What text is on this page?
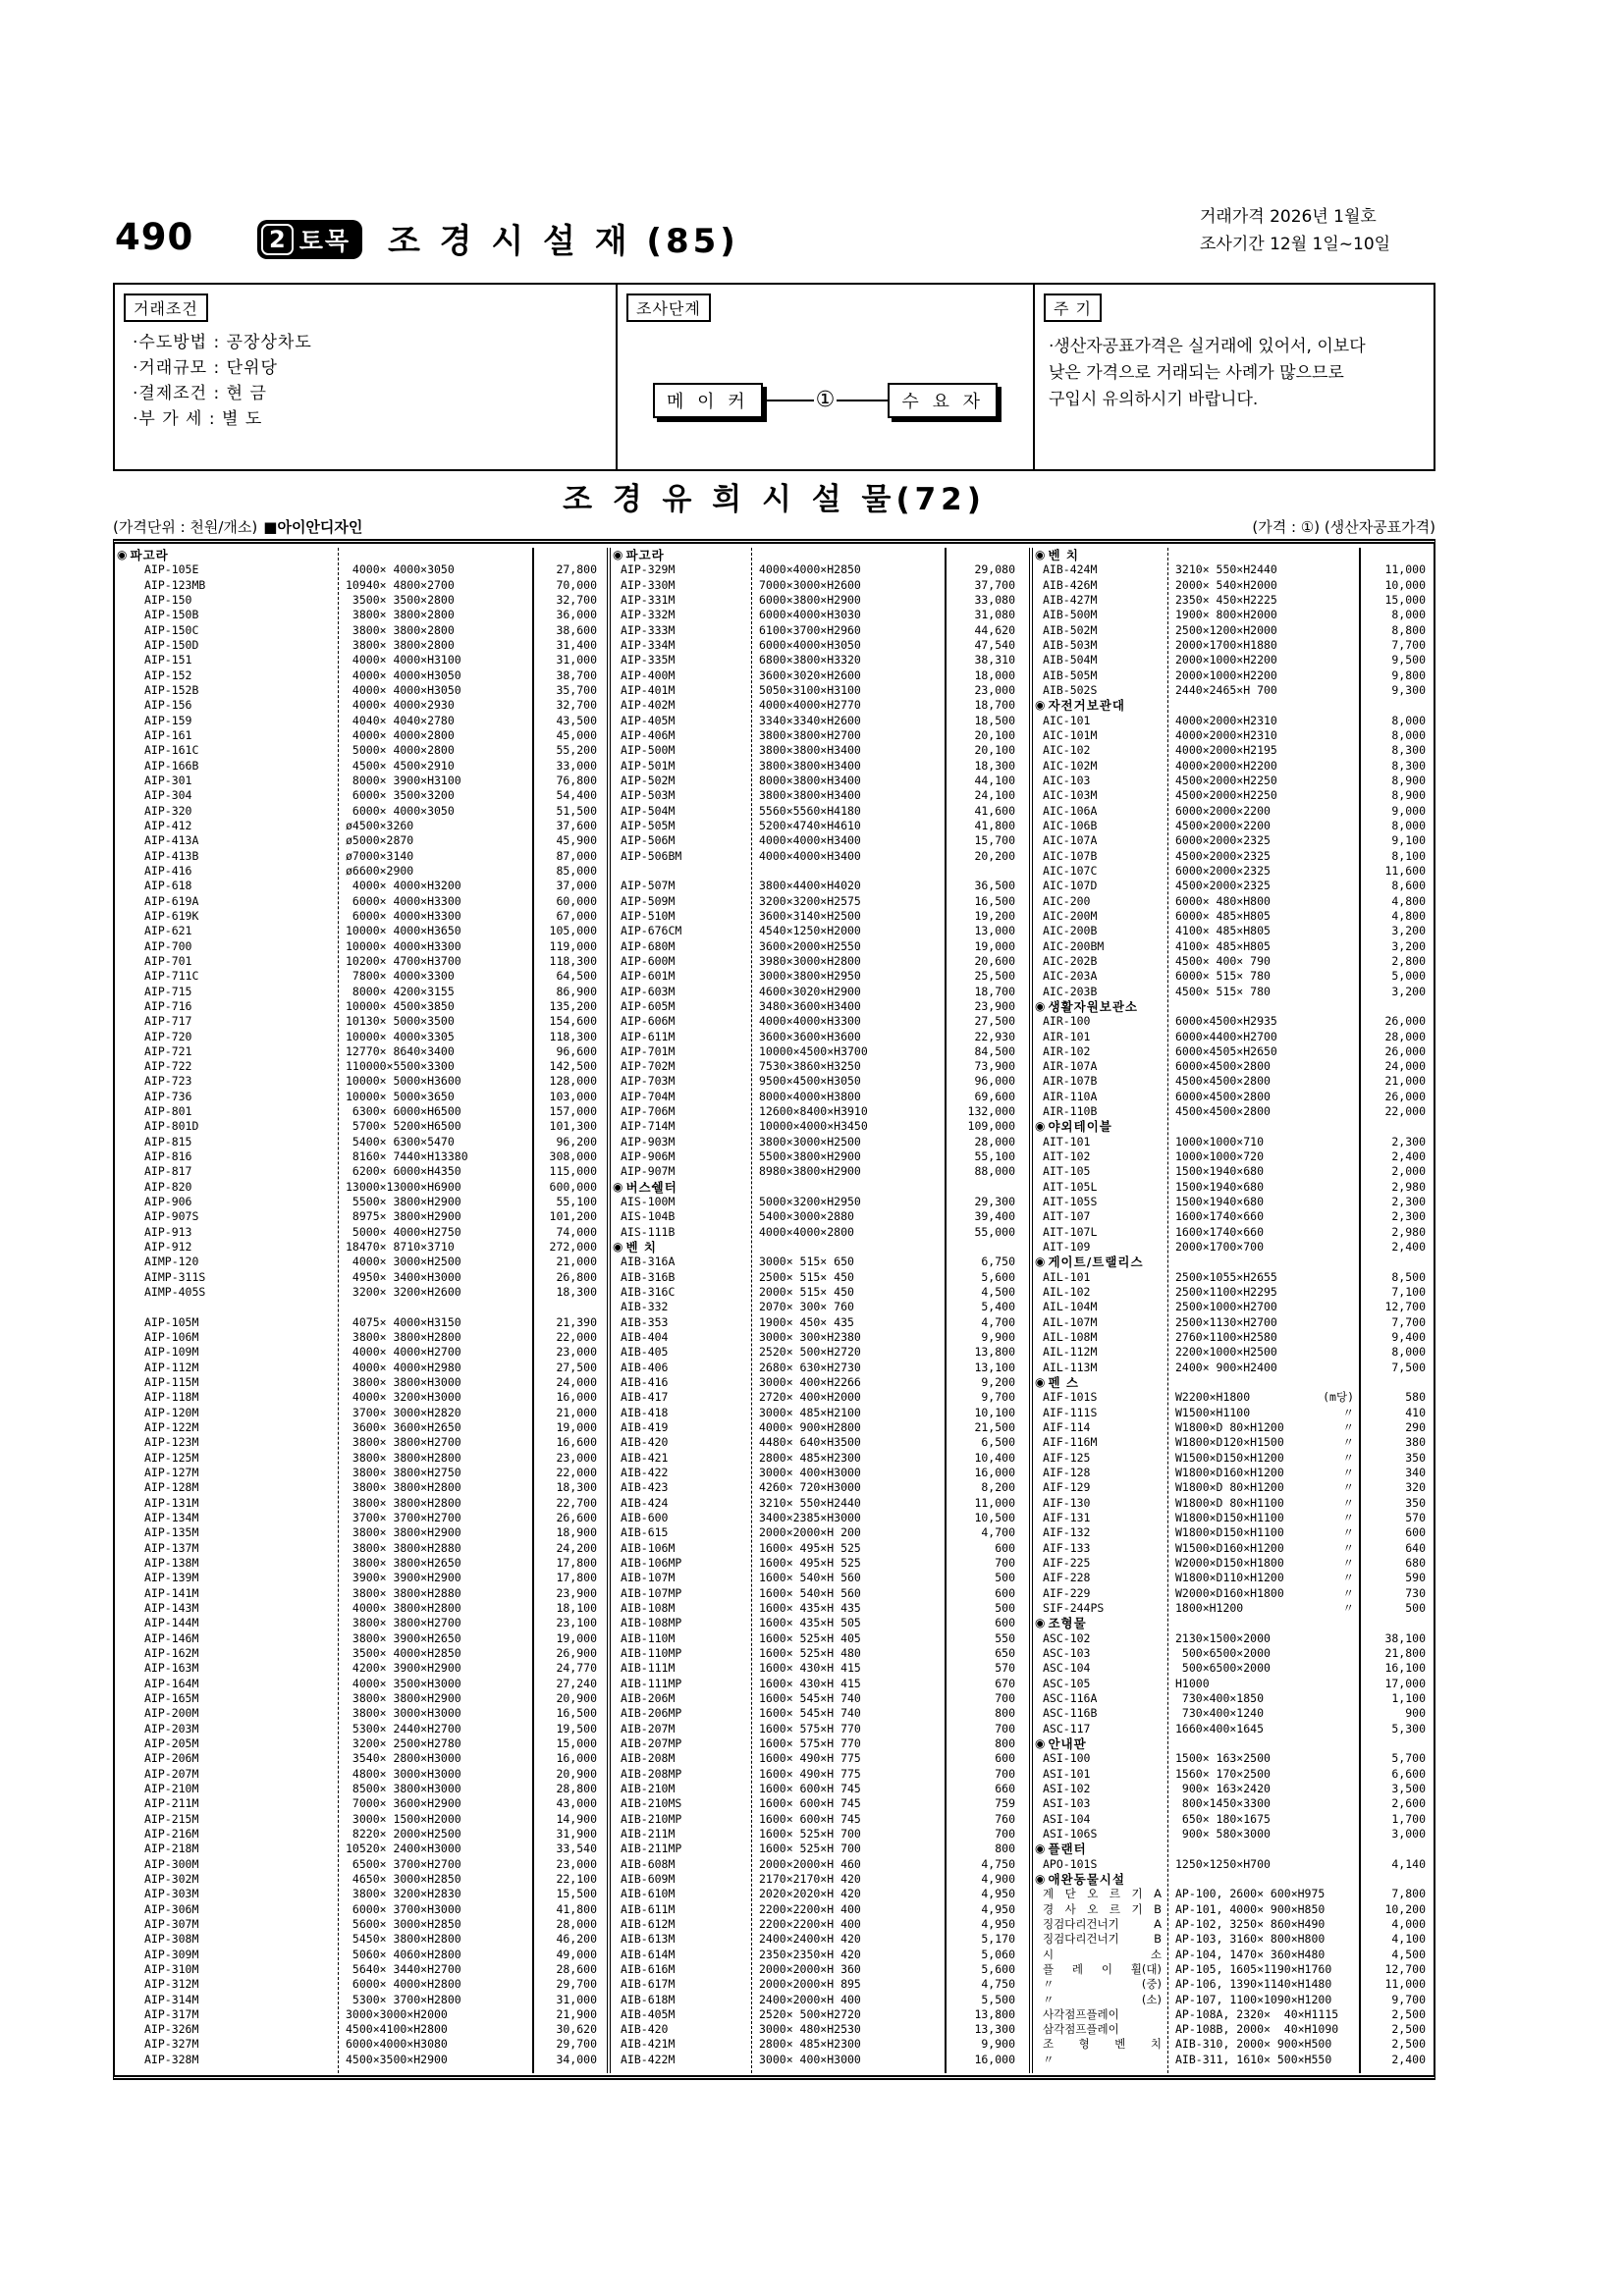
490	2 토목 조 경 시 설 재 (85)
거래가격 2026년 1월호
조사기간 12월 1일~10일
거래조건
·수도방법 : 공장상차도
·거래규모 : 단위당
·결제조건 : 현 금
·부 가 세 : 별 도
조사단계
메 이 커	①	수 요 자
주 기
·생산자공표가격은 실거래에 있어서, 이보다
낮은 가격으로 거래되는 사례가 많으므로
구입시 유의하시기 바랍니다.
조 경 유 희 시 설 물(72)
(가격단위 : 천원/개소) ■아이안디자인	(가격 : ①) (생산자공표가격)
◉ 파고라
AIP-105E	4000× 4000×3050	27,800
AIP-123MB	10940× 4800×2700	70,000
AIP-150	3500× 3500×2800	32,700
AIP-150B	3800× 3800×2800	36,000
AIP-150C	3800× 3800×2800	38,600
AIP-150D	3800× 3800×2800	31,400
AIP-151	4000× 4000×H3100	31,000
AIP-152	4000× 4000×H3050	38,700
AIP-152B	4000× 4000×H3050	35,700
AIP-156	4000× 4000×2930	32,700
AIP-159	4040× 4040×2780	43,500
AIP-161	4000× 4000×2800	45,000
AIP-161C	5000× 4000×2800	55,200
AIP-166B	4500× 4500×2910	33,000
AIP-301	8000× 3900×H3100	76,800
AIP-304	6000× 3500×3200	54,400
AIP-320	6000× 4000×3050	51,500
AIP-412	ø4500×3260	37,600
AIP-413A	ø5000×2870	45,900
AIP-413B	ø7000×3140	87,000
AIP-416	ø6600×2900	85,000
AIP-618	4000× 4000×H3200	37,000
AIP-619A	6000× 4000×H3300	60,000
AIP-619K	6000× 4000×H3300	67,000
AIP-621	10000× 4000×H3650	105,000
AIP-700	10000× 4000×H3300	119,000
AIP-701	10200× 4700×H3700	118,300
AIP-711C	7800× 4000×3300	64,500
AIP-715	8000× 4200×3155	86,900
AIP-716	10000× 4500×3850	135,200
AIP-717	10130× 5000×3500	154,600
AIP-720	10000× 4000×3305	118,300
AIP-721	12770× 8640×3400	96,600
AIP-722	110000×5500×3300	142,500
AIP-723	10000× 5000×H3600	128,000
AIP-736	10000× 5000×3650	103,000
AIP-801	6300× 6000×H6500	157,000
AIP-801D	5700× 5200×H6500	101,300
AIP-815	5400× 6300×5470	96,200
AIP-816	8160× 7440×H13380	308,000
AIP-817	6200× 6000×H4350	115,000
AIP-820	13000×13000×H6900	600,000
AIP-906	5500× 3800×H2900	55,100
AIP-907S	8975× 3800×H2900	101,200
AIP-913	5000× 4000×H2750	74,000
AIP-912	18470× 8710×3710	272,000
AIMP-120	4000× 3000×H2500	21,000
AIMP-311S	4950× 3400×H3000	26,800
AIMP-405S	3200× 3200×H2600	18,300
AIP-105M	4075× 4000×H3150	21,390
AIP-106M	3800× 3800×H2800	22,000
AIP-109M	4000× 4000×H2700	23,000
AIP-112M	4000× 4000×H2980	27,500
AIP-115M	3800× 3800×H3000	24,000
AIP-118M	4000× 3200×H3000	16,000
AIP-120M	3700× 3000×H2820	21,000
AIP-122M	3600× 3600×H2650	19,000
AIP-123M	3800× 3800×H2700	16,600
AIP-125M	3800× 3800×H2800	23,000
AIP-127M	3800× 3800×H2750	22,000
AIP-128M	3800× 3800×H2800	18,300
AIP-131M	3800× 3800×H2800	22,700
AIP-134M	3700× 3700×H2700	26,600
AIP-135M	3800× 3800×H2900	18,900
AIP-137M	3800× 3800×H2880	24,200
AIP-138M	3800× 3800×H2650	17,800
AIP-139M	3900× 3900×H2900	17,800
AIP-141M	3800× 3800×H2880	23,900
AIP-143M	4000× 3800×H2800	18,100
AIP-144M	3800× 3800×H2700	23,100
AIP-146M	3800× 3900×H2650	19,000
AIP-162M	3500× 4000×H2850	26,900
AIP-163M	4200× 3900×H2900	24,770
AIP-164M	4000× 3500×H3000	27,240
AIP-165M	3800× 3800×H2900	20,900
AIP-200M	3800× 3000×H3000	16,500
AIP-203M	5300× 2440×H2700	19,500
AIP-205M	3200× 2500×H2780	15,000
AIP-206M	3540× 2800×H3000	16,000
AIP-207M	4800× 3000×H3000	20,900
AIP-210M	8500× 3800×H3000	28,800
AIP-211M	7000× 3600×H2900	43,000
AIP-215M	3000× 1500×H2000	14,900
AIP-216M	8220× 2000×H2500	31,900
AIP-218M	10520× 2400×H3000	33,540
AIP-300M	6500× 3700×H2700	23,000
AIP-302M	4650× 3000×H2850	22,100
AIP-303M	3800× 3200×H2830	15,500
AIP-306M	6000× 3700×H3000	41,800
AIP-307M	5600× 3000×H2850	28,000
AIP-308M	5450× 3800×H2800	46,200
AIP-309M	5060× 4060×H2800	49,000
AIP-310M	5640× 3440×H2700	28,600
AIP-312M	6000× 4000×H2800	29,700
AIP-314M	5300× 3700×H2800	31,000
AIP-317M	3000×3000×H2000	21,900
AIP-326M	4500×4100×H2800	30,620
AIP-327M	6000×4000×H3080	29,700
AIP-328M	4500×3500×H2900	34,000
◉ 파고라
AIP-329M	4000×4000×H2850	29,080
AIP-330M	7000×3000×H2600	37,700
AIP-331M	6000×3800×H2900	33,080
AIP-332M	6000×4000×H3030	31,080
AIP-333M	6100×3700×H2960	44,620
AIP-334M	6000×4000×H3050	47,540
AIP-335M	6800×3800×H3320	38,310
AIP-400M	3600×3020×H2600	18,000
AIP-401M	5050×3100×H3100	23,000
AIP-402M	4000×4000×H2770	18,700
AIP-405M	3340×3340×H2600	18,500
AIP-406M	3800×3800×H2700	20,100
AIP-500M	3800×3800×H3400	20,100
AIP-501M	3800×3800×H3400	18,300
AIP-502M	8000×3800×H3400	44,100
AIP-503M	3800×3800×H3400	24,100
AIP-504M	5560×5560×H4180	41,600
AIP-505M	5200×4740×H4610	41,800
AIP-506M	4000×4000×H3400	15,700
AIP-506BM	4000×4000×H3400	20,200
AIP-507M	3800×4400×H4020	36,500
AIP-509M	3200×3200×H2575	16,500
AIP-510M	3600×3140×H2500	19,200
AIP-676CM	4540×1250×H2000	13,000
AIP-680M	3600×2000×H2550	19,000
AIP-600M	3980×3000×H2800	20,600
AIP-601M	3000×3800×H2950	25,500
AIP-603M	4600×3020×H2900	18,700
AIP-605M	3480×3600×H3400	23,900
AIP-606M	4000×4000×H3300	27,500
AIP-611M	3600×3600×H3600	22,930
AIP-701M	10000×4500×H3700	84,500
AIP-702M	7530×3860×H3250	73,900
AIP-703M	9500×4500×H3050	96,000
AIP-704M	8000×4000×H3800	69,600
AIP-706M	12600×8400×H3910	132,000
AIP-714M	10000×4000×H3450	109,000
AIP-903M	3800×3000×H2500	28,000
AIP-906M	5500×3800×H2900	55,100
AIP-907M	8980×3800×H2900	88,000
◉ 버스쉘터
AIS-100M	5000×3200×H2950	29,300
AIS-104B	5400×3000×2880	39,400
AIS-111B	4000×4000×2800	55,000
◉ 벤 치
AIB-316A	3000× 515× 650	6,750
AIB-316B	2500× 515× 450	5,600
AIB-316C	2000× 515× 450	4,500
AIB-332	2070× 300× 760	5,400
AIB-353	1900× 450× 435	4,700
AIB-404	3000× 300×H2380	9,900
AIB-405	2520× 500×H2720	13,800
AIB-406	2680× 630×H2730	13,100
AIB-416	3000× 400×H2266	9,200
AIB-417	2720× 400×H2000	9,700
AIB-418	3000× 485×H2100	10,100
AIB-419	4000× 900×H2800	21,500
AIB-420	4480× 640×H3500	6,500
AIB-421	2800× 485×H2300	10,400
AIB-422	3000× 400×H3000	16,000
AIB-423	4260× 720×H3000	8,200
AIB-424	3210× 550×H2440	11,000
AIB-600	3400×2385×H3000	10,500
AIB-615	2000×2000×H 200	4,700
AIB-106M	1600× 495×H 525	600
AIB-106MP	1600× 495×H 525	700
AIB-107M	1600× 540×H 560	500
AIB-107MP	1600× 540×H 560	600
AIB-108M	1600× 435×H 435	500
AIB-108MP	1600× 435×H 505	600
AIB-110M	1600× 525×H 405	550
AIB-110MP	1600× 525×H 480	650
AIB-111M	1600× 430×H 415	570
AIB-111MP	1600× 430×H 415	670
AIB-206M	1600× 545×H 740	700
AIB-206MP	1600× 545×H 740	800
AIB-207M	1600× 575×H 770	700
AIB-207MP	1600× 575×H 770	800
AIB-208M	1600× 490×H 775	600
AIB-208MP	1600× 490×H 775	700
AIB-210M	1600× 600×H 745	660
AIB-210MS	1600× 600×H 745	759
AIB-210MP	1600× 600×H 745	760
AIB-211M	1600× 525×H 700	700
AIB-211MP	1600× 525×H 700	800
AIB-608M	2000×2000×H 460	4,750
AIB-609M	2170×2170×H 420	4,900
AIB-610M	2020×2020×H 420	4,950
AIB-611M	2200×2200×H 400	4,950
AIB-612M	2200×2200×H 400	4,950
AIB-613M	2400×2400×H 420	5,170
AIB-614M	2350×2350×H 420	5,060
AIB-616M	2000×2000×H 360	5,600
AIB-617M	2000×2000×H 895	4,750
AIB-618M	2400×2000×H 400	5,500
AIB-405M	2520× 500×H2720	13,800
AIB-420	3000× 480×H2530	13,300
AIB-421M	2800× 485×H2300	9,900
AIB-422M	3000× 400×H3000	16,000
◉ 벤 치
AIB-424M	3210× 550×H2440	11,000
AIB-426M	2000× 540×H2000	10,000
AIB-427M	2350× 450×H2225	15,000
AIB-500M	1900× 800×H2000	8,000
AIB-502M	2500×1200×H2000	8,800
AIB-503M	2000×1700×H1880	7,700
AIB-504M	2000×1000×H2200	9,500
AIB-505M	2000×1000×H2200	9,800
AIB-502S	2440×2465×H 700	9,300
◉ 자전거보관대
AIC-101	4000×2000×H2310	8,000
AIC-101M	4000×2000×H2310	8,000
AIC-102	4000×2000×H2195	8,300
AIC-102M	4000×2000×H2200	8,300
AIC-103	4500×2000×H2250	8,900
AIC-103M	4500×2000×H2250	8,900
AIC-106A	6000×2000×2200	9,000
AIC-106B	4500×2000×2200	8,000
AIC-107A	6000×2000×2325	9,100
AIC-107B	4500×2000×2325	8,100
AIC-107C	6000×2000×2325	11,600
AIC-107D	4500×2000×2325	8,600
AIC-200	6000× 480×H800	4,800
AIC-200M	6000× 485×H805	4,800
AIC-200B	4100× 485×H805	3,200
AIC-200BM	4100× 485×H805	3,200
AIC-202B	4500× 400× 790	2,800
AIC-203A	6000× 515× 780	5,000
AIC-203B	4500× 515× 780	3,200
◉ 생활자원보관소
AIR-100	6000×4500×H2935	26,000
AIR-101	6000×4400×H2700	28,000
AIR-102	6000×4505×H2650	26,000
AIR-107A	6000×4500×2800	24,000
AIR-107B	4500×4500×2800	21,000
AIR-110A	6000×4500×2800	26,000
AIR-110B	4500×4500×2800	22,000
◉ 야외테이블
AIT-101	1000×1000×710	2,300
AIT-102	1000×1000×720	2,400
AIT-105	1500×1940×680	2,000
AIT-105L	1500×1940×680	2,980
AIT-105S	1500×1940×680	2,300
AIT-107	1600×1740×660	2,300
AIT-107L	1600×1740×660	2,980
AIT-109	2000×1700×700	2,400
◉ 게이트/트랠리스
AIL-101	2500×1055×H2655	8,500
AIL-102	2500×1100×H2295	7,100
AIL-104M	2500×1000×H2700	12,700
AIL-107M	2500×1130×H2700	7,700
AIL-108M	2760×1100×H2580	9,400
AIL-112M	2200×1000×H2500	8,000
AIL-113M	2400× 900×H2400	7,500
◉ 펜 스
AIF-101S	W2200×H1800	(m당)	580
AIF-111S	W1500×H1100	〃	410
AIF-114	W1800×D 80×H1200	〃	290
AIF-116M	W1800×D120×H1500	〃	380
AIF-125	W1500×D150×H1200	〃	350
AIF-128	W1800×D160×H1200	〃	340
AIF-129	W1800×D 80×H1200	〃	320
AIF-130	W1800×D 80×H1100	〃	350
AIF-131	W1800×D150×H1100	〃	570
AIF-132	W1800×D150×H1100	〃	600
AIF-133	W1500×D160×H1200	〃	640
AIF-225	W2000×D150×H1800	〃	680
AIF-228	W1800×D110×H1200	〃	590
AIF-229	W2000×D160×H1800	〃	730
SIF-244PS	1800×H1200	〃	500
◉ 조형물
ASC-102	2130×1500×2000	38,100
ASC-103	500×6500×2000	21,800
ASC-104	500×6500×2000	16,100
ASC-105	H1000	17,000
ASC-116A	730×400×1850	1,100
ASC-116B	730×400×1240	900
ASC-117	1660×400×1645	5,300
◉ 안내판
ASI-100	1500× 163×2500	5,700
ASI-101	1560× 170×2500	6,600
ASI-102	900× 163×2420	3,500
ASI-103	800×1450×3300	2,600
ASI-104	650× 180×1675	1,700
ASI-106S	900× 580×3000	3,000
◉ 플랜터
APO-101S	1250×1250×H700	4,140
◉ 애완동물시설
계 단 오 르 기 A	AP-100, 2600× 600×H975	7,800
경 사 오 르 기 B	AP-101, 4000× 900×H850	10,200
징검다리건너기 A	AP-102, 3250× 860×H490	4,000
징검다리건너기 B	AP-103, 3160× 800×H800	4,100
시 소	AP-104, 1470× 360×H480	4,500
플 레 이 휠(대)	AP-105, 1605×1190×H1760	12,700
〃 (중)	AP-106, 1390×1140×H1480	11,000
〃 (소)	AP-107, 1100×1090×H1200	9,700
사각점프플레이	AP-108A, 2320×  40×H1115	2,500
삼각점프플레이	AP-108B, 2000×  40×H1090	2,500
조 형 벤 치	AIB-310, 2000× 900×H500	2,500
〃	AIB-311, 1610× 500×H550	2,400
